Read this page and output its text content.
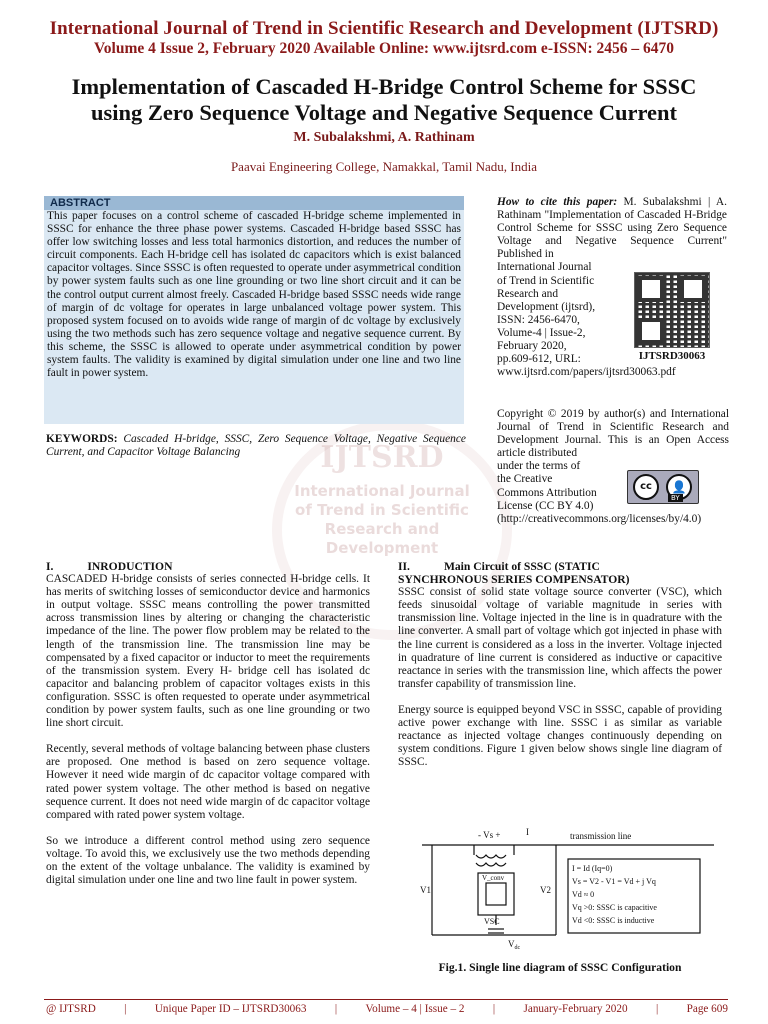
International Journal of Trend in Scientific Research and Development (IJTSRD)
Volume 4 Issue 2, February 2020 Available Online: www.ijtsrd.com e-ISSN: 2456 – 6470
Implementation of Cascaded H-Bridge Control Scheme for SSSC
using Zero Sequence Voltage and Negative Sequence Current
M. Subalakshmi, A. Rathinam
Paavai Engineering College, Namakkal, Tamil Nadu, India
IJTSRD
International Journal
of Trend in Scientific
Research and
Development
ABSTRACT
This paper focuses on a control scheme of cascaded H-bridge scheme implemented in SSSC for enhance the three phase power systems. Cascaded H-bridge based SSSC has offer low switching losses and less total harmonics distortion, and reduces the number of circuit components. Each H-bridge cell has isolated dc capacitors which is exist balanced capacitor voltages. Since SSSC is often requested to operate under asymmetrical condition by power system faults such as one line grounding or two line short circuit and it can be the control output current almost freely. Cascaded H-bridge based SSSC needs wide range of margin of dc voltage for operates in large unbalanced voltage power system. This proposed system focused on to avoids wide range of margin of dc voltage by exclusively using the two methods such has zero sequence voltage and negative sequence current. By this scheme, the SSSC is allowed to operate under asymmetrical condition by power system faults. The validity is examined by digital simulation under one line and two line fault in power system.
KEYWORDS: Cascaded H-bridge, SSSC, Zero Sequence Voltage, Negative Sequence Current, and Capacitor Voltage Balancing
How to cite this paper: M. Subalakshmi | A. Rathinam "Implementation of Cascaded H-Bridge Control Scheme for SSSC using Zero Sequence Voltage and Negative Sequence Current" Published in
International Journal
of Trend in Scientific
Research and
Development (ijtsrd),
ISSN: 2456-6470,
Volume-4 | Issue-2,
February 2020,
pp.609-612, URL:
www.ijtsrd.com/papers/ijtsrd30063.pdf
IJTSRD30063
Copyright © 2019 by author(s) and International Journal of Trend in Scientific Research and Development Journal. This is an Open Access article distributed
under the terms of
the Creative
Commons Attribution
License (CC BY 4.0)
(http://creativecommons.org/licenses/by/4.0)
cc	👤
BY
I.	INRODUCTION

CASCADED H-bridge consists of series connected H-bridge cells. It has merits of switching losses of semiconductor device and harmonics in output voltage. SSSC means controlling the power transmitted across transmission lines by altering or changing the characteristic impedance of the line. The power flow problem may be related to the length of the transmission line. The transmission line may be compensated by a fixed capacitor or inductor to meet the requirements of the transmission system. Every H- bridge cell has isolated dc capacitor and balancing problem of capacitor voltages exists in this configuration. SSSC is often requested to operate under asymmetrical condition by power system faults, such as one line grounding or two line short circuit.

Recently, several methods of voltage balancing between phase clusters are proposed. One method is based on zero sequence voltage. However it need wide margin of dc capacitor voltage compared with rated power system voltage. The other method is based on negative sequence current. It does not need wide margin of dc capacitor voltage compared with rated power system voltage.

So we introduce a different control method using zero sequence voltage. To avoid this, we exclusively use the two methods depending on the extent of the voltage unbalance. The validity is examined by digital simulation under one line and two line fault in power system.

II.	Main Circuit of SSSC (STATIC
SYNCHRONOUS SERIES COMPENSATOR)

SSSC consist of solid state voltage source converter (VSC), which feeds sinusoidal voltage of variable magnitude in series with transmission line. Voltage injected in the line is in quadrature with the line converter. A small part of voltage which got injected in phase with the line current is considered as a loss in the inverter. Voltage injected in quadrature of line current is considered as inductive or capacitive reactance in series with the transmission line, which affects the power transfer capability of transmission line.

Energy source is equipped beyond VSC in SSSC, capable of providing active power exchange with line. SSSC i as similar as variable reactance as injected voltage changes continuously depending on system conditions. Figure 1 given below shows single line diagram of SSSC.

- Vs +	I	transmission line
V_conv
V1	V2
VSC
$V_{dc}$
I = Id (Iq=0)
Vs = V2 - V1 = Vd + j Vq
Vd ≈ 0
Vq >0: SSSC is capacitive
Vd <0: SSSC is inductive
Fig.1. Single line diagram of SSSC Configuration
@ IJTSRD	|	Unique Paper ID – IJTSRD30063	|	Volume – 4 | Issue – 2	|	January-February 2020	|	Page 609
